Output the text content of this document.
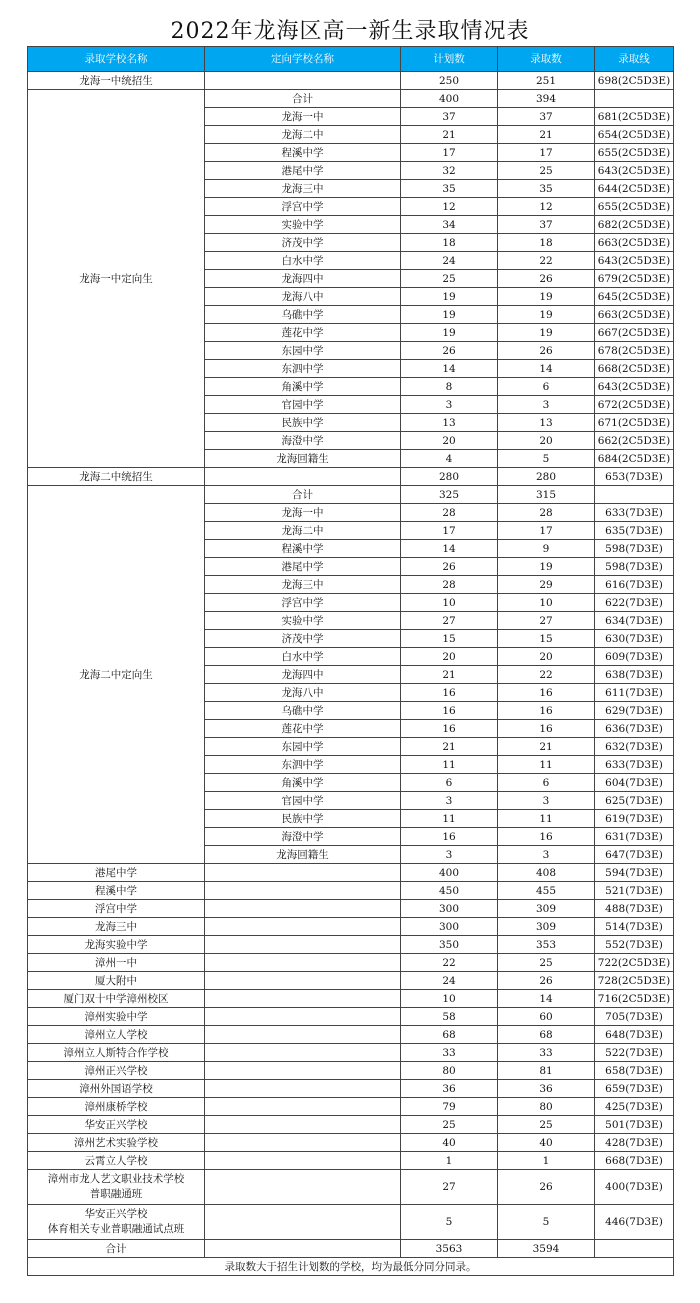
2022年龙海区高一新生录取情况表
录取学校名称	定向学校名称	计划数	录取数	录取线
龙海一中统招生		250	251	698(2C5D3E)
龙海一中定向生	合计	400	394	
	龙海一中	37	37	681(2C5D3E)
	龙海二中	21	21	654(2C5D3E)
	程溪中学	17	17	655(2C5D3E)
	港尾中学	32	25	643(2C5D3E)
	龙海三中	35	35	644(2C5D3E)
	浮宫中学	12	12	655(2C5D3E)
	实验中学	34	37	682(2C5D3E)
	济茂中学	18	18	663(2C5D3E)
	白水中学	24	22	643(2C5D3E)
	龙海四中	25	26	679(2C5D3E)
	龙海八中	19	19	645(2C5D3E)
	乌礁中学	19	19	663(2C5D3E)
	莲花中学	19	19	667(2C5D3E)
	东园中学	26	26	678(2C5D3E)
	东泗中学	14	14	668(2C5D3E)
	角溪中学	8	6	643(2C5D3E)
	官园中学	3	3	672(2C5D3E)
	民族中学	13	13	671(2C5D3E)
	海澄中学	20	20	662(2C5D3E)
	龙海回籍生	4	5	684(2C5D3E)
龙海二中统招生		280	280	653(7D3E)
龙海二中定向生	合计	325	315	
	龙海一中	28	28	633(7D3E)
	龙海二中	17	17	635(7D3E)
	程溪中学	14	9	598(7D3E)
	港尾中学	26	19	598(7D3E)
	龙海三中	28	29	616(7D3E)
	浮宫中学	10	10	622(7D3E)
	实验中学	27	27	634(7D3E)
	济茂中学	15	15	630(7D3E)
	白水中学	20	20	609(7D3E)
	龙海四中	21	22	638(7D3E)
	龙海八中	16	16	611(7D3E)
	乌礁中学	16	16	629(7D3E)
	莲花中学	16	16	636(7D3E)
	东园中学	21	21	632(7D3E)
	东泗中学	11	11	633(7D3E)
	角溪中学	6	6	604(7D3E)
	官园中学	3	3	625(7D3E)
	民族中学	11	11	619(7D3E)
	海澄中学	16	16	631(7D3E)
	龙海回籍生	3	3	647(7D3E)
港尾中学		400	408	594(7D3E)
程溪中学		450	455	521(7D3E)
浮宫中学		300	309	488(7D3E)
龙海三中		300	309	514(7D3E)
龙海实验中学		350	353	552(7D3E)
漳州一中		22	25	722(2C5D3E)
厦大附中		24	26	728(2C5D3E)
厦门双十中学漳州校区		10	14	716(2C5D3E)
漳州实验中学		58	60	705(7D3E)
漳州立人学校		68	68	648(7D3E)
漳州立人斯特合作学校		33	33	522(7D3E)
漳州正兴学校		80	81	658(7D3E)
漳州外国语学校		36	36	659(7D3E)
漳州康桥学校		79	80	425(7D3E)
华安正兴学校		25	25	501(7D3E)
漳州艺术实验学校		40	40	428(7D3E)
云霄立人学校		1	1	668(7D3E)
漳州市龙人艺文职业技术学校
普职融通班		27	26	400(7D3E)
华安正兴学校
体育相关专业普职融通试点班		5	5	446(7D3E)
合计		3563	3594	
录取数大于招生计划数的学校，均为最低分同分同录。				
